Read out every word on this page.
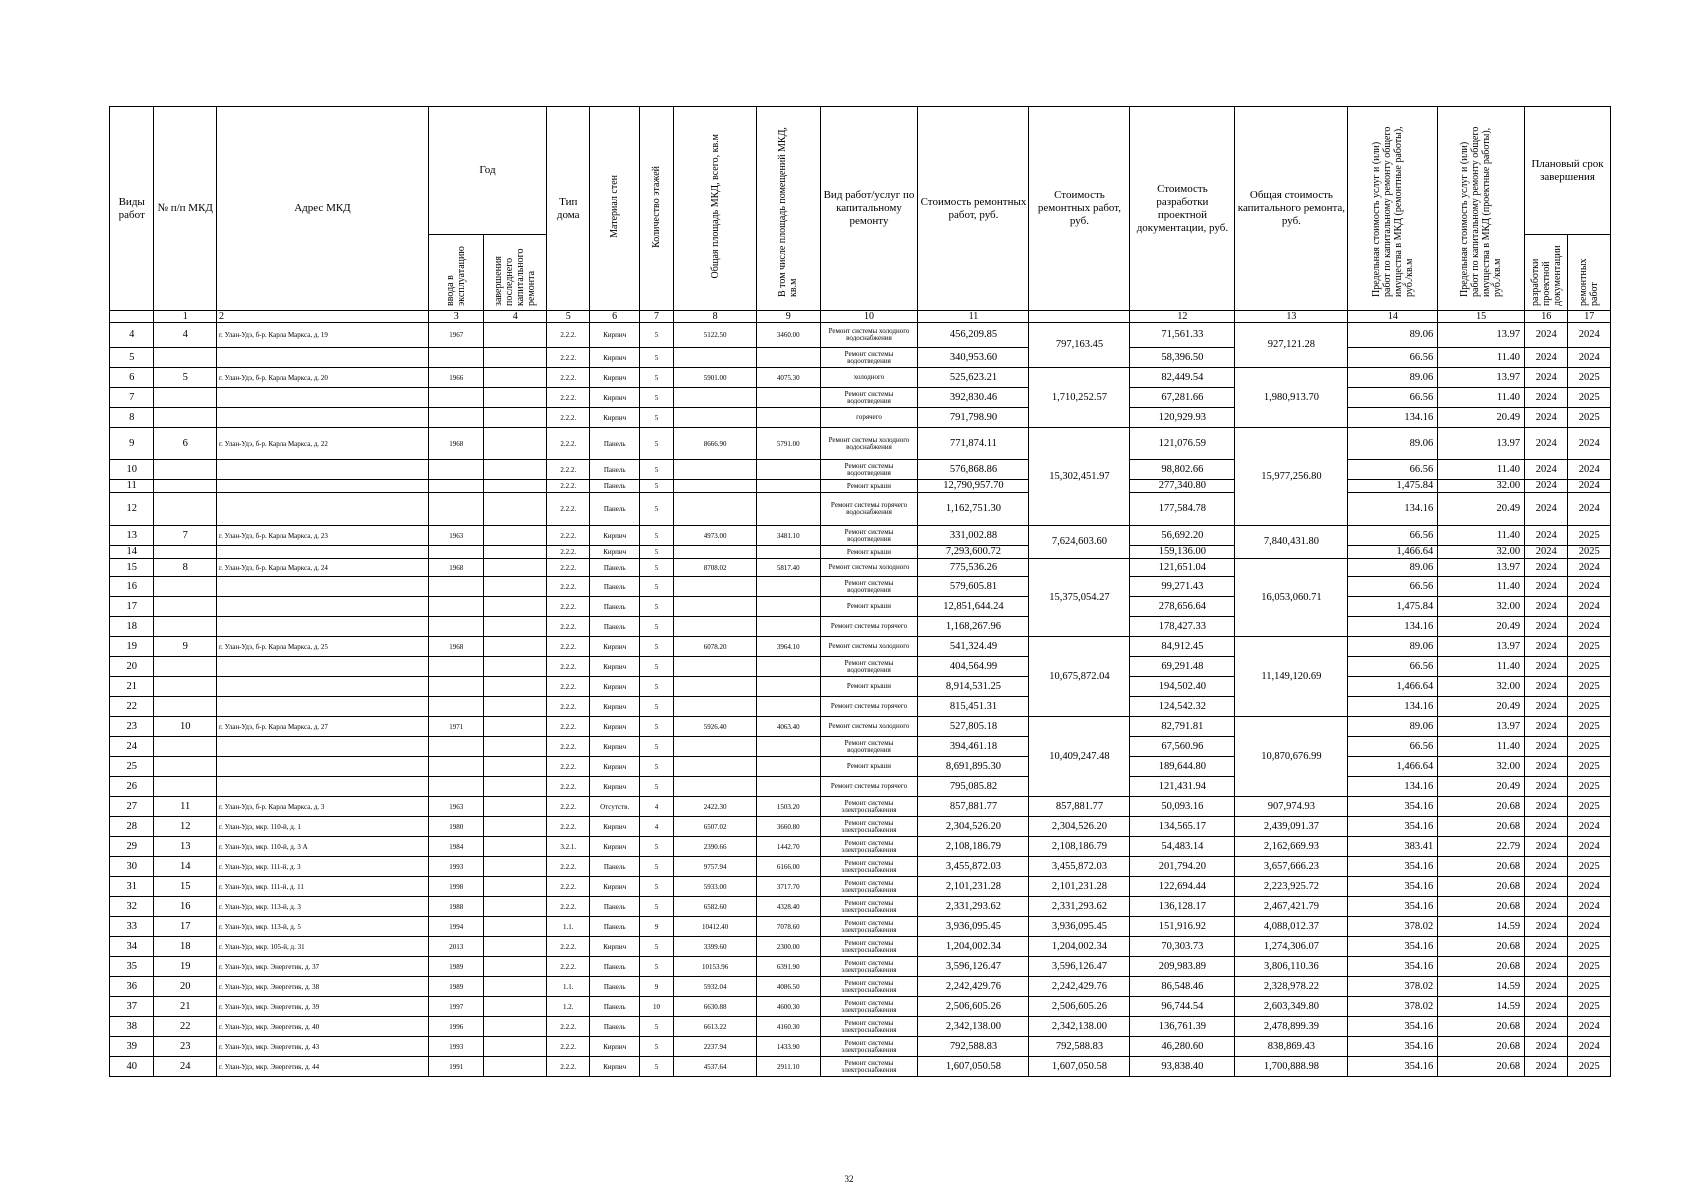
Виды работ	№ п/п МКД	Адрес МКД	Год		Тип дома	Материал стен	Количество этажей	Общая площадь МКД, всего, кв.м	В том числе площадь помещений МКД, кв.м	Вид работ/услуг по капитальному ремонту	Стоимость ремонтных работ, руб.	Стоимость ремонтных работ, руб.	Стоимость разработки проектной документации, руб.	Общая стоимость капитального ремонта, руб.	Предельная стоимость услуг и (или) работ по капитальному ремонту общего имущества в МКД (ремонтные работы), руб./кв.м	Предельная стоимость услуг и (или) работ по капитальному ремонту общего имущества в МКД (проектные работы), руб./кв.м	Плановый срок завершения	
			ввода в эксплуатацию	завершения последнего капитального ремонта													разработки проектной документации	ремонтных работ
	1	2	3	4	5	6	7	8	9	10	11		12	13	14	15	16	17
4	4	г. Улан-Удэ, б-р. Карла Маркса, д. 19	1967		2.2.2.	Кирпич	5	5122.50	3460.00	Ремонт системы холодного водоснабжения	456,209.85	797,163.45	71,561.33	927,121.28	89.06	13.97	2024	2024
5					2.2.2.	Кирпич	5			Ремонт системы водоотведения	340,953.60		58,396.50		66.56	11.40	2024	2024
6	5	г. Улан-Удэ, б-р. Карла Маркса, д. 20	1966		2.2.2.	Кирпич	5	5901.00	4075.30	холодного	525,623.21	1,710,252.57	82,449.54	1,980,913.70	89.06	13.97	2024	2025
7					2.2.2.	Кирпич	5			Ремонт системы водоотведения	392,830.46		67,281.66		66.56	11.40	2024	2025
8					2.2.2.	Кирпич	5			горячего	791,798.90		120,929.93		134.16	20.49	2024	2025
9	6	г. Улан-Удэ, б-р. Карла Маркса, д. 22	1968		2.2.2.	Панель	5	8666.90	5791.00	Ремонт системы холодного водоснабжения	771,874.11	15,302,451.97	121,076.59	15,977,256.80	89.06	13.97	2024	2024
10					2.2.2.	Панель	5			Ремонт системы водоотведения	576,868.86		98,802.66		66.56	11.40	2024	2024
11					2.2.2.	Панель	5			Ремонт крыши	12,790,957.70		277,340.80		1,475.84	32.00	2024	2024
12					2.2.2.	Панель	5			Ремонт системы горячего водоснабжения	1,162,751.30		177,584.78		134.16	20.49	2024	2024
13	7	г. Улан-Удэ, б-р. Карла Маркса, д. 23	1963		2.2.2.	Кирпич	5	4973.00	3481.10	Ремонт системы водоотведения	331,002.88	7,624,603.60	56,692.20	7,840,431.80	66.56	11.40	2024	2025
14					2.2.2.	Кирпич	5			Ремонт крыши	7,293,600.72		159,136.00		1,466.64	32.00	2024	2025
15	8	г. Улан-Удэ, б-р. Карла Маркса, д. 24	1968		2.2.2.	Панель	5	8708.02	5817.40	Ремонт системы холодного	775,536.26	15,375,054.27	121,651.04	16,053,060.71	89.06	13.97	2024	2024
16					2.2.2.	Панель	5			Ремонт системы водоотведения	579,605.81		99,271.43		66.56	11.40	2024	2024
17					2.2.2.	Панель	5			Ремонт крыши	12,851,644.24		278,656.64		1,475.84	32.00	2024	2024
18					2.2.2.	Панель	5			Ремонт системы горячего	1,168,267.96		178,427.33		134.16	20.49	2024	2024
19	9	г. Улан-Удэ, б-р. Карла Маркса, д. 25	1968		2.2.2.	Кирпич	5	6078.20	3964.10	Ремонт системы холодного	541,324.49	10,675,872.04	84,912.45	11,149,120.69	89.06	13.97	2024	2025
20					2.2.2.	Кирпич	5			Ремонт системы водоотведения	404,564.99		69,291.48		66.56	11.40	2024	2025
21					2.2.2.	Кирпич	5			Ремонт крыши	8,914,531.25		194,502.40		1,466.64	32.00	2024	2025
22					2.2.2.	Кирпич	5			Ремонт системы горячего	815,451.31		124,542.32		134.16	20.49	2024	2025
23	10	г. Улан-Удэ, б-р. Карла Маркса, д. 27	1971		2.2.2.	Кирпич	5	5926.40	4063.40	Ремонт системы холодного	527,805.18	10,409,247.48	82,791.81	10,870,676.99	89.06	13.97	2024	2025
24					2.2.2.	Кирпич	5			Ремонт системы водоотведения	394,461.18		67,560.96		66.56	11.40	2024	2025
25					2.2.2.	Кирпич	5			Ремонт крыши	8,691,895.30		189,644.80		1,466.64	32.00	2024	2025
26					2.2.2.	Кирпич	5			Ремонт системы горячего	795,085.82		121,431.94		134.16	20.49	2024	2025
27	11	г. Улан-Удэ, б-р. Карла Маркса, д. 3	1963		2.2.2.	Отсутств.	4	2422.30	1503.20	Ремонт системы электроснабжения	857,881.77	857,881.77	50,093.16	907,974.93	354.16	20.68	2024	2025
28	12	г. Улан-Удэ, мкр. 110-й, д. 1	1980		2.2.2.	Кирпич	4	6507.02	3660.80	Ремонт системы электроснабжения	2,304,526.20	2,304,526.20	134,565.17	2,439,091.37	354.16	20.68	2024	2024
29	13	г. Улан-Удэ, мкр. 110-й, д. 3 А	1984		3.2.1.	Кирпич	5	2390.66	1442.70	Ремонт системы электроснабжения	2,108,186.79	2,108,186.79	54,483.14	2,162,669.93	383.41	22.79	2024	2024
30	14	г. Улан-Удэ, мкр. 111-й, д. 3	1993		2.2.2.	Панель	5	9757.94	6166.00	Ремонт системы электроснабжения	3,455,872.03	3,455,872.03	201,794.20	3,657,666.23	354.16	20.68	2024	2025
31	15	г. Улан-Удэ, мкр. 111-й, д. 11	1998		2.2.2.	Кирпич	5	5933.00	3717.70	Ремонт системы электроснабжения	2,101,231.28	2,101,231.28	122,694.44	2,223,925.72	354.16	20.68	2024	2024
32	16	г. Улан-Удэ, мкр. 113-й, д. 3	1988		2.2.2.	Панель	5	6582.60	4328.40	Ремонт системы электроснабжения	2,331,293.62	2,331,293.62	136,128.17	2,467,421.79	354.16	20.68	2024	2024
33	17	г. Улан-Удэ, мкр. 113-й, д. 5	1994		1.1.	Панель	9	10412.40	7078.60	Ремонт системы электроснабжения	3,936,095.45	3,936,095.45	151,916.92	4,088,012.37	378.02	14.59	2024	2024
34	18	г. Улан-Удэ, мкр. 105-й, д. 31	2013		2.2.2.	Кирпич	5	3399.60	2300.00	Ремонт системы электроснабжения	1,204,002.34	1,204,002.34	70,303.73	1,274,306.07	354.16	20.68	2024	2025
35	19	г. Улан-Удэ, мкр. Энергетик, д. 37	1989		2.2.2.	Панель	5	10153.96	6391.90	Ремонт системы электроснабжения	3,596,126.47	3,596,126.47	209,983.89	3,806,110.36	354.16	20.68	2024	2025
36	20	г. Улан-Удэ, мкр. Энергетик, д. 38	1989		1.1.	Панель	9	5932.04	4086.50	Ремонт системы электроснабжения	2,242,429.76	2,242,429.76	86,548.46	2,328,978.22	378.02	14.59	2024	2025
37	21	г. Улан-Удэ, мкр. Энергетик, д. 39	1997		1.2.	Панель	10	6630.88	4600.30	Ремонт системы электроснабжения	2,506,605.26	2,506,605.26	96,744.54	2,603,349.80	378.02	14.59	2024	2025
38	22	г. Улан-Удэ, мкр. Энергетик, д. 40	1996		2.2.2.	Панель	5	6613.22	4160.30	Ремонт системы электроснабжения	2,342,138.00	2,342,138.00	136,761.39	2,478,899.39	354.16	20.68	2024	2024
39	23	г. Улан-Удэ, мкр. Энергетик, д. 43	1993		2.2.2.	Кирпич	5	2237.94	1433.90	Ремонт системы электроснабжения	792,588.83	792,588.83	46,280.60	838,869.43	354.16	20.68	2024	2024
40	24	г. Улан-Удэ, мкр. Энергетик, д. 44	1991		2.2.2.	Кирпич	5	4537.64	2911.10	Ремонт системы электроснабжения	1,607,050.58	1,607,050.58	93,838.40	1,700,888.98	354.16	20.68	2024	2025
32
